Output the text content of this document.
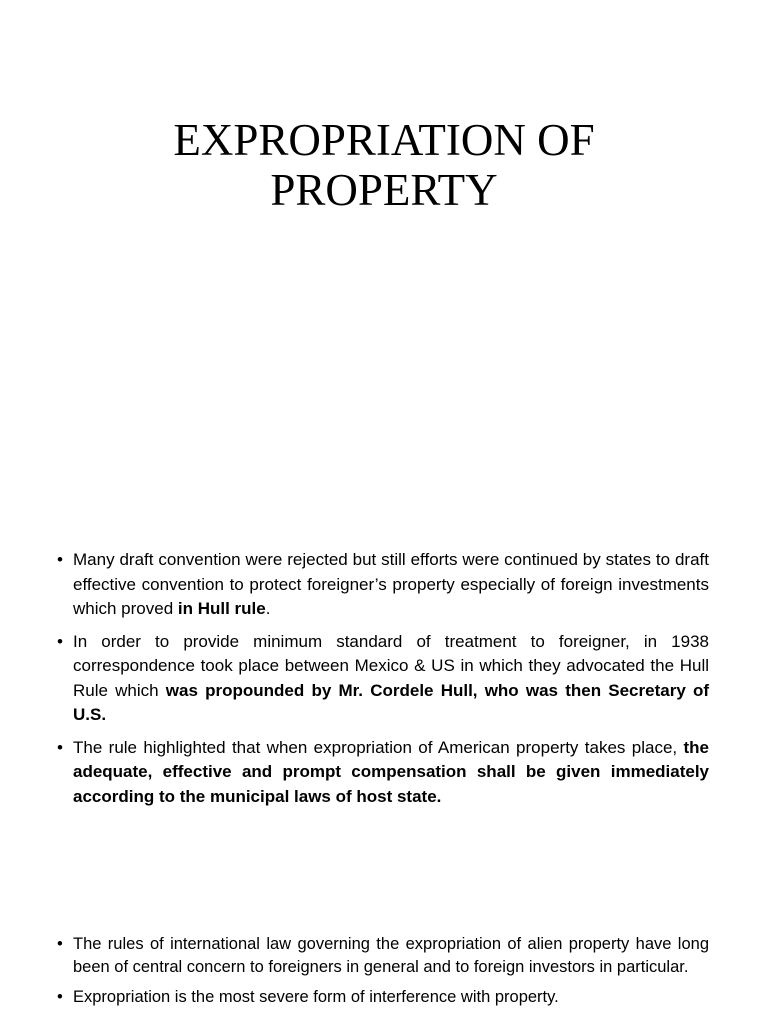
EXPROPRIATION OF
PROPERTY
• Many draft convention were rejected but still efforts were continued by states to draft effective convention to protect foreigner’s property especially of foreign investments which proved in Hull rule.
• In order to provide minimum standard of treatment to foreigner, in 1938 correspondence took place between Mexico & US in which they advocated the Hull Rule which was propounded by Mr. Cordele Hull, who was then Secretary of U.S.
• The rule highlighted that when expropriation of American property takes place, the adequate, effective and prompt compensation shall be given immediately according to the municipal laws of host state.
• The rules of international law governing the expropriation of alien property have long been of central concern to foreigners in general and to foreign investors in particular.
• Expropriation is the most severe form of interference with property.
